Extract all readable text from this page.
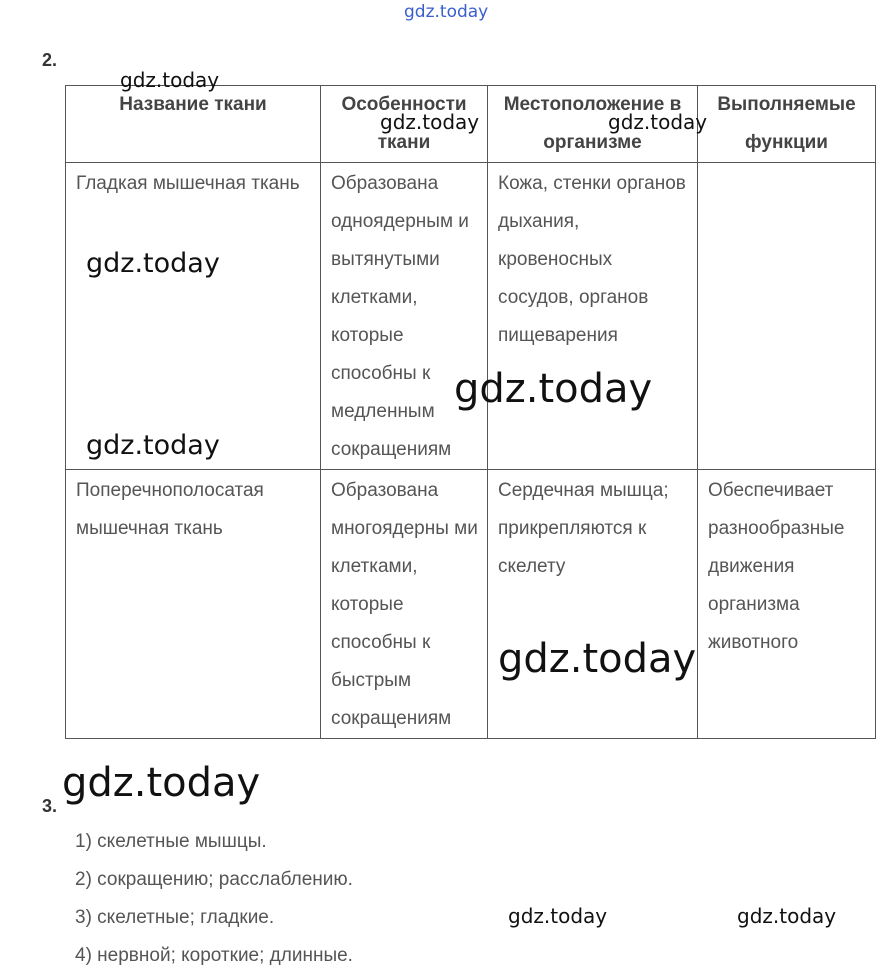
gdz.today
2.
Название ткани	Особенности ткани	Местоположение в организме	Выполняемые функции
Гладкая мышечная ткань	Образована одноядерным и вытянутыми клетками, которые способны к медленным сокращениям	Кожа, стенки органов дыхания, кровеносных сосудов, органов пищеварения	
Поперечнополосатая мышечная ткань	Образована многоядерны ми клетками, которые способны к быстрым сокращениям	Сердечная мышца; прикрепляются к скелету	Обеспечивает разнообразные движения организма животного
3.
1) скелетные мышцы.
2) сокращению; расслаблению.
3) скелетные; гладкие.
4) нервной; короткие; длинные.
gdz.today
gdz.today	gdz.today
gdz.today
gdz.today
gdz.today
gdz.today
gdz.today
gdz.today	gdz.today
